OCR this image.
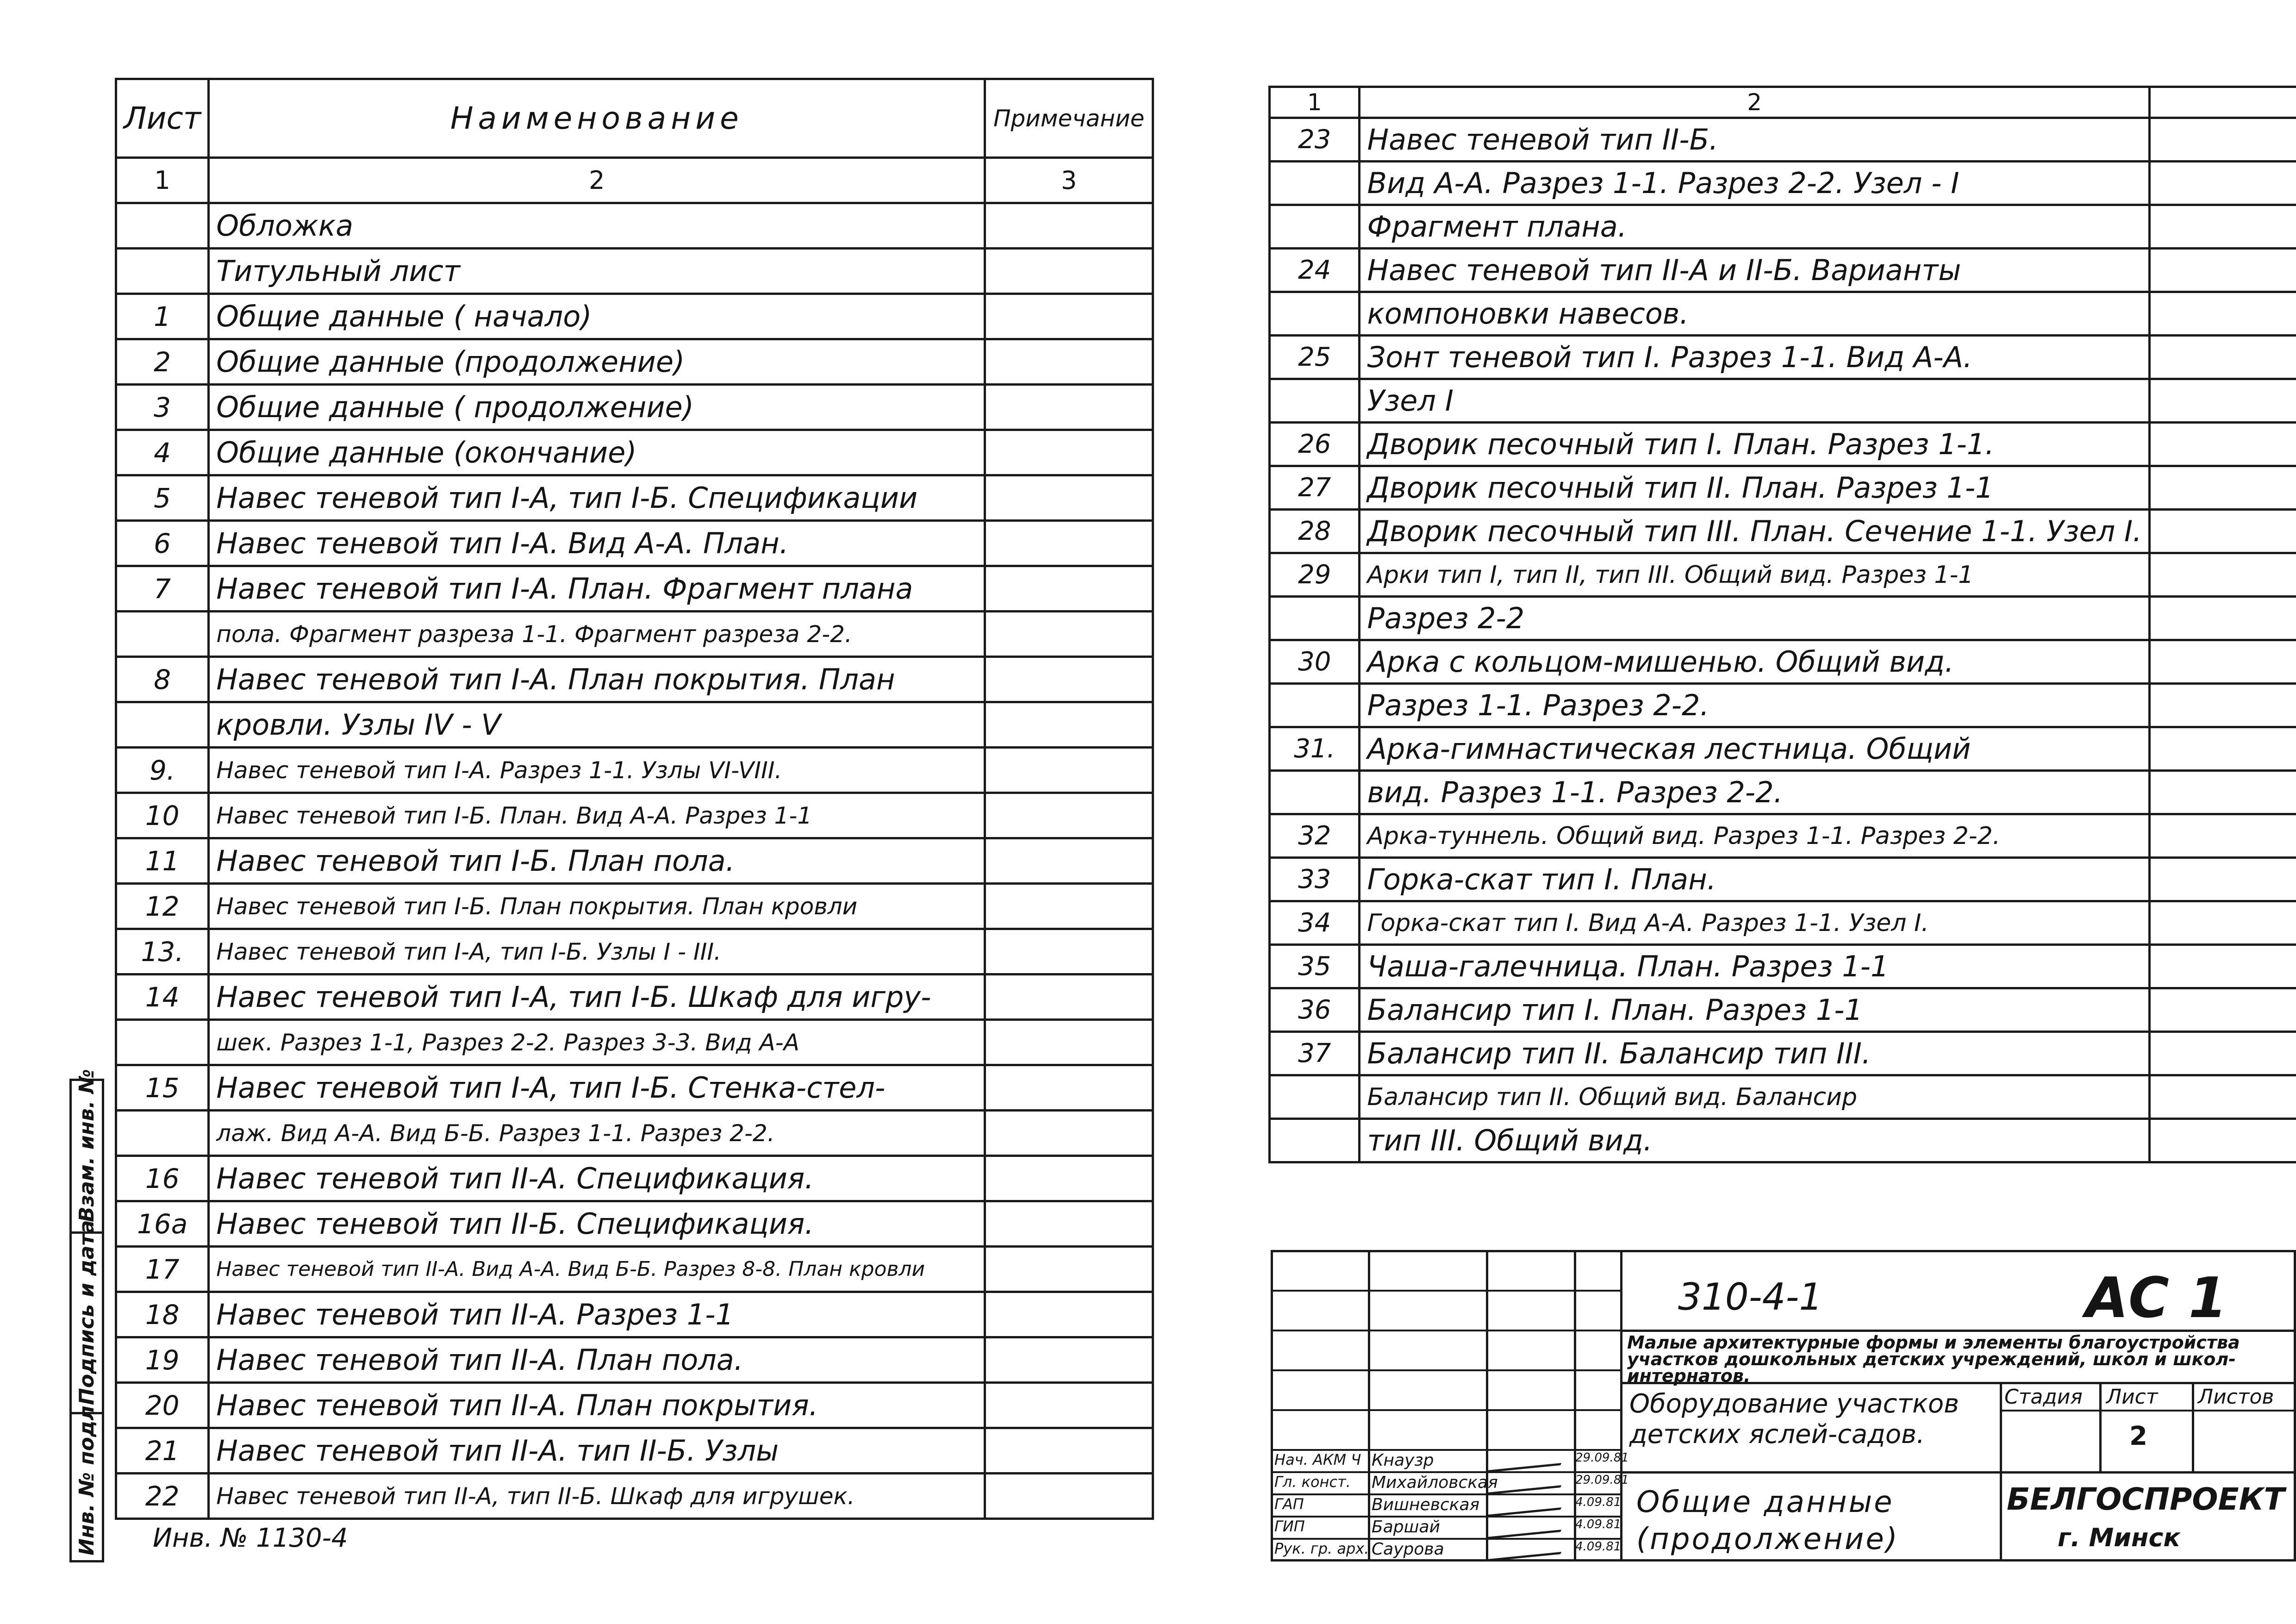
Лист	Наименование	Примечание
1	2	3
	Обложка	
	Титульный лист	
1	Общие данные ( начало)	
2	Общие данные (продолжение)	
3	Общие данные ( продолжение)	
4	Общие данные (окончание)	
5	Навес теневой тип I-А, тип I-Б. Спецификации	
6	Навес теневой тип I-А. Вид А-А. План.	
7	Навес теневой тип I-А. План. Фрагмент плана	
	пола. Фрагмент разреза 1-1. Фрагмент разреза 2-2.	
8	Навес теневой тип I-А. План покрытия. План	
	кровли. Узлы IV - V	
9.	Навес теневой тип I-А. Разрез 1-1. Узлы VI-VIII.	
10	Навес теневой тип I-Б. План. Вид А-А. Разрез 1-1	
11	Навес теневой тип I-Б. План пола.	
12	Навес теневой тип I-Б. План покрытия. План кровли	
13.	Навес теневой тип I-А, тип I-Б. Узлы I - III.	
14	Навес теневой тип I-А, тип I-Б. Шкаф для игру-	
	шек. Разрез 1-1, Разрез 2-2. Разрез 3-3. Вид А-А	
15	Навес теневой тип I-А, тип I-Б. Стенка-стел-	
	лаж. Вид А-А. Вид Б-Б. Разрез 1-1. Разрез 2-2.	
16	Навес теневой тип II-А. Спецификация.	
16а	Навес теневой тип II-Б. Спецификация.	
17	Навес теневой тип II-А. Вид А-А. Вид Б-Б. Разрез 8-8. План кровли	
18	Навес теневой тип II-А. Разрез 1-1	
19	Навес теневой тип II-А. План пола.	
20	Навес теневой тип II-А. План покрытия.	
21	Навес теневой тип II-А. тип II-Б. Узлы	
22	Навес теневой тип II-А, тип II-Б. Шкаф для игрушек.	
1	2	
23	Навес теневой тип II-Б.	
	Вид А-А. Разрез 1-1. Разрез 2-2. Узел - I	
	Фрагмент плана.	
24	Навес теневой тип II-А и II-Б. Варианты	
	компоновки навесов.	
25	Зонт теневой тип I. Разрез 1-1. Вид А-А.	
	Узел I	
26	Дворик песочный тип I. План. Разрез 1-1.	
27	Дворик песочный тип II. План. Разрез 1-1	
28	Дворик песочный тип III. План. Сечение 1-1. Узел I.	
29	Арки тип I, тип II, тип III. Общий вид. Разрез 1-1	
	Разрез 2-2	
30	Арка с кольцом-мишенью. Общий вид.	
	Разрез 1-1. Разрез 2-2.	
31.	Арка-гимнастическая лестница. Общий	
	вид. Разрез 1-1. Разрез 2-2.	
32	Арка-туннель. Общий вид. Разрез 1-1. Разрез 2-2.	
33	Горка-скат тип I. План.	
34	Горка-скат тип I. Вид А-А. Разрез 1-1. Узел I.	
35	Чаша-галечница. План. Разрез 1-1	
36	Балансир тип I. План. Разрез 1-1	
37	Балансир тип II. Балансир тип III.	
	Балансир тип II. Общий вид. Балансир	
	тип III. Общий вид.	
310-4-1	АС 1
Малые архитектурные формы и элементы благоустройства участков дошкольных детских учреждений, школ и школ-интернатов.
Оборудование участков детских яслей-садов.
Общие данные (продолжение)
Стадия Лист Листов
2
БЕЛГОСПРОЕКТ
г. Минск
Нач. АКМ Ч Кнаузр	29.09.81
Гл. конст. Михайловская	29.09.81
ГАП	Вишневская	4.09.81
ГИП	Баршай	4.09.81
Рук. гр. арх. Саурова	4.09.81
Взам. инв. №
Подпись и дата
Инв. № подл. Инв. № 1130-4
